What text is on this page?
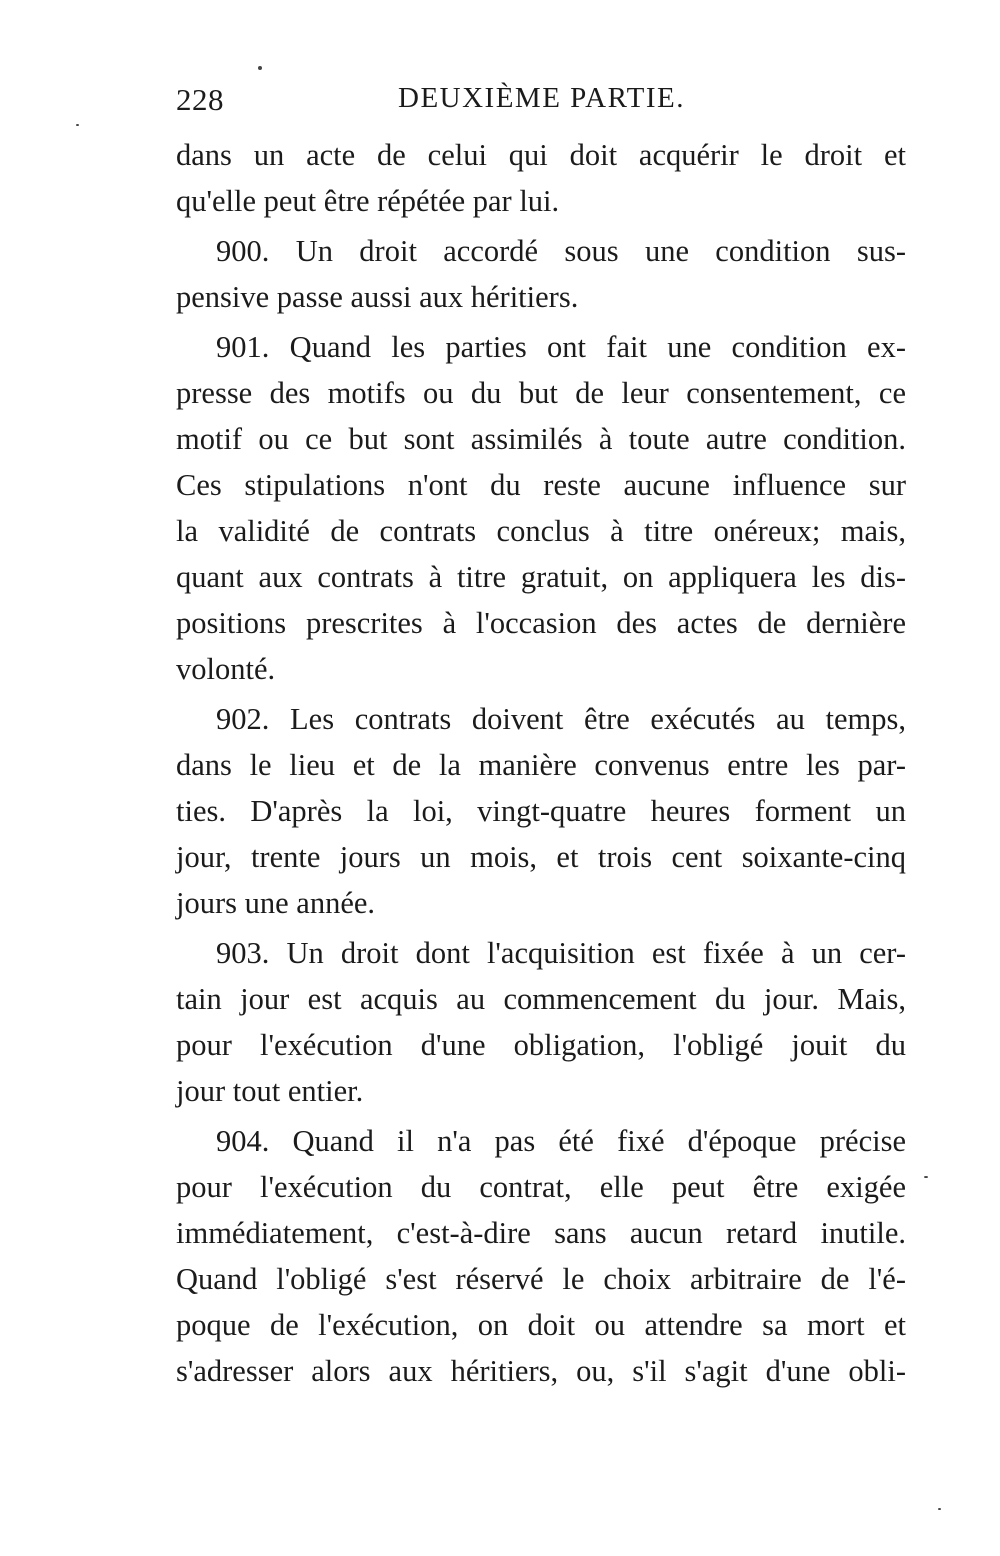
228	DEUXIÈME PARTIE.
dans un acte de celui qui doit acquérir le droit et
qu'elle peut être répétée par lui.
900. Un droit accordé sous une condition sus-
pensive passe aussi aux héritiers.
901. Quand les parties ont fait une condition ex-
presse des motifs ou du but de leur consentement, ce
motif ou ce but sont assimilés à toute autre condition.
Ces stipulations n'ont du reste aucune influence sur
la validité de contrats conclus à titre onéreux; mais,
quant aux contrats à titre gratuit, on appliquera les dis-
positions prescrites à l'occasion des actes de dernière
volonté.
902. Les contrats doivent être exécutés au temps,
dans le lieu et de la manière convenus entre les par-
ties. D'après la loi, vingt-quatre heures forment un
jour, trente jours un mois, et trois cent soixante-cinq
jours une année.
903. Un droit dont l'acquisition est fixée à un cer-
tain jour est acquis au commencement du jour. Mais,
pour l'exécution d'une obligation, l'obligé jouit du
jour tout entier.
904. Quand il n'a pas été fixé d'époque précise
pour l'exécution du contrat, elle peut être exigée
immédiatement, c'est-à-dire sans aucun retard inutile.
Quand l'obligé s'est réservé le choix arbitraire de l'é-
poque de l'exécution, on doit ou attendre sa mort et
s'adresser alors aux héritiers, ou, s'il s'agit d'une obli-
